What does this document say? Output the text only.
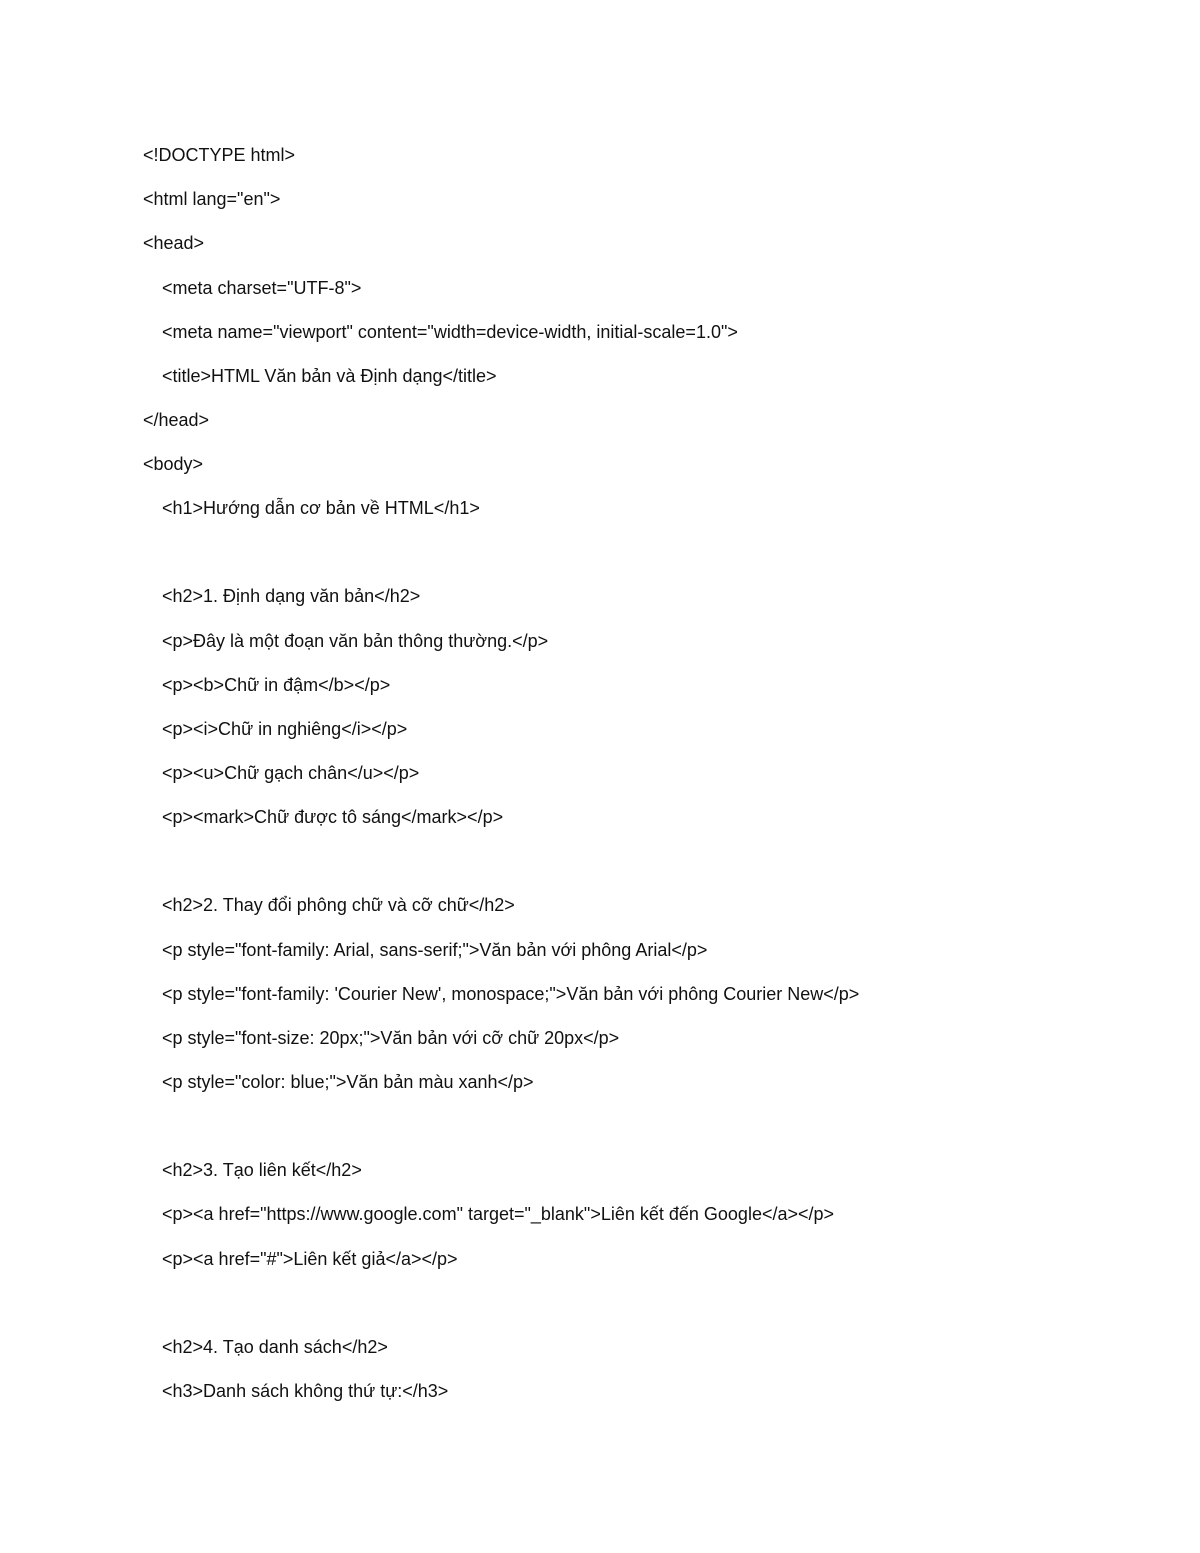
<!DOCTYPE html>
<html lang="en">
<head>
<meta charset="UTF-8">
<meta name="viewport" content="width=device-width, initial-scale=1.0">
<title>HTML Văn bản và Định dạng</title>
</head>
<body>
<h1>Hướng dẫn cơ bản về HTML</h1>
<h2>1. Định dạng văn bản</h2>
<p>Đây là một đoạn văn bản thông thường.</p>
<p><b>Chữ in đậm</b></p>
<p><i>Chữ in nghiêng</i></p>
<p><u>Chữ gạch chân</u></p>
<p><mark>Chữ được tô sáng</mark></p>
<h2>2. Thay đổi phông chữ và cỡ chữ</h2>
<p style="font-family: Arial, sans-serif;">Văn bản với phông Arial</p>
<p style="font-family: 'Courier New', monospace;">Văn bản với phông Courier New</p>
<p style="font-size: 20px;">Văn bản với cỡ chữ 20px</p>
<p style="color: blue;">Văn bản màu xanh</p>
<h2>3. Tạo liên kết</h2>
<p><a href="https://www.google.com" target="_blank">Liên kết đến Google</a></p>
<p><a href="#">Liên kết giả</a></p>
<h2>4. Tạo danh sách</h2>
<h3>Danh sách không thứ tự:</h3>
